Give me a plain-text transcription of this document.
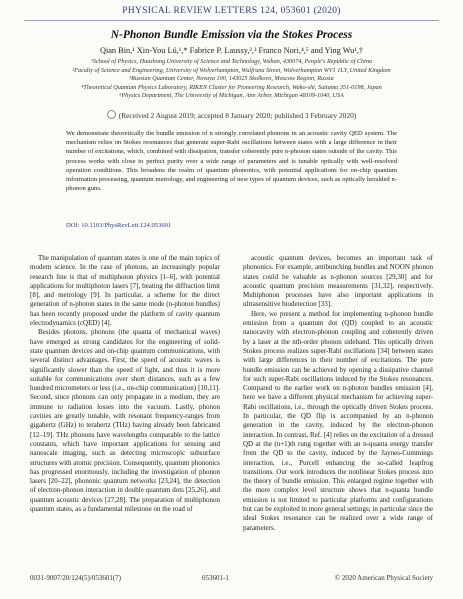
PHYSICAL REVIEW LETTERS 124, 053601 (2020)
N-Phonon Bundle Emission via the Stokes Process
Qian Bin,¹ Xin-You Lü,¹,* Fabrice P. Laussy,²,³ Franco Nori,⁴,⁵ and Ying Wu¹,†
¹School of Physics, Huazhong University of Science and Technology, Wuhan, 430074, People's Republic of China
²Faculty of Science and Engineering, University of Wolverhampton, Wulfruna Street, Wolverhampton WV1 1LY, United Kingdom
³Russian Quantum Center, Novaya 100, 143025 Skolkovo, Moscow Region, Russia
⁴Theoretical Quantum Physics Laboratory, RIKEN Cluster for Pioneering Research, Wako-shi, Saitama 351-0198, Japan
⁵Physics Department, The University of Michigan, Ann Arbor, Michigan 48109-1040, USA
(Received 2 August 2019; accepted 8 January 2020; published 3 February 2020)
We demonstrate theoretically the bundle emission of n strongly correlated phonons in an acoustic cavity QED system. The mechanism relies on Stokes resonances that generate super-Rabi oscillations between states with a large difference in their number of excitations, which, combined with dissipation, transfer coherently pure n-phonon states outside of the cavity. This process works with close to perfect purity over a wide range of parameters and is tunable optically with well-resolved operation conditions. This broadens the realm of quantum phononics, with potential applications for on-chip quantum information processing, quantum metrology, and engineering of new types of quantum devices, such as optically heralded n-phonon guns.
DOI: 10.1103/PhysRevLett.124.053601

The manipulation of quantum states is one of the main topics of modern science. In the case of photons, an increasingly popular research line is that of multiphoton physics [1–6], with potential applications for multiphoton lasers [7], beating the diffraction limit [8], and metrology [9]. In particular, a scheme for the direct generation of n-photon states in the same mode (n-photon bundles) has been recently proposed under the platform of cavity quantum electrodynamics (cQED) [4].

Besides photons, phonons (the quanta of mechanical waves) have emerged as strong candidates for the engineering of solid-state quantum devices and on-chip quantum communications, with several distinct advantages. First, the speed of acoustic waves is significantly slower than the speed of light, and thus it is more suitable for communications over short distances, such as a few hundred micrometers or less (i.e., on-chip communication) [10,11]. Second, since phonons can only propagate in a medium, they are immune to radiation losses into the vacuum. Lastly, phonon cavities are greatly tunable, with resonant frequency-ranges from gigahertz (GHz) to terahertz (THz) having already been fabricated [12–19]. THz phonons have wavelengths comparable to the lattice constants, which have important applications for sensing and nanoscale imaging, such as detecting microscopic subsurface structures with atomic precision. Consequently, quantum phononics has progressed enormously, including the investigation of phonon lasers [20–22], phononic quantum networks [23,24], the detection of electron-phonon interaction in double quantum dots [25,26], and quantum acoustic devices [27,28]. The preparation of multiphonon quantum states, as a fundamental milestone on the road of

acoustic quantum devices, becomes an important task of phononics. For example, antibunching bundles and NOON phonon states could be valuable as n-phonon sources [29,30] and for acoustic quantum precision measurements [31,32], respectively. Multiphonon processes have also important applications in ultrasensitive biodetection [33].

Here, we present a method for implementing n-phonon bundle emission from a quantum dot (QD) coupled to an acoustic nanocavity with electron-phonon coupling and coherently driven by a laser at the nth-order phonon sideband. This optically driven Stokes process realizes super-Rabi oscillations [34] between states with large differences in their number of excitations. The pure bundle emission can be achieved by opening a dissipative channel for such super-Rabi oscillations induced by the Stokes resonances. Compared to the earlier work on n-photon bundles emission [4], here we have a different physical mechanism for achieving super-Rabi oscillations, i.e., through the optically driven Stokes process. In particular, the QD flip is accompanied by an n-phonon generation in the cavity, induced by the electron-phonon interaction. In contrast, Ref. [4] relies on the excitation of a dressed QD at the (n+1)th rung together with an n-quanta energy transfer from the QD to the cavity, induced by the Jaynes-Cummings interaction, i.e., Purcell enhancing the so-called leapfrog transitions. Our work introduces the nonlinear Stokes process into the theory of bundle emission. This enlarged regime together with the more complex level structure shows that n-quanta bundle emission is not limited to particular platforms and configurations but can be exploited in more general settings; in particular since the ideal Stokes resonance can be realized over a wide range of parameters.

0031-9007/20/124(5)/053601(7)	053601-1	© 2020 American Physical Society
